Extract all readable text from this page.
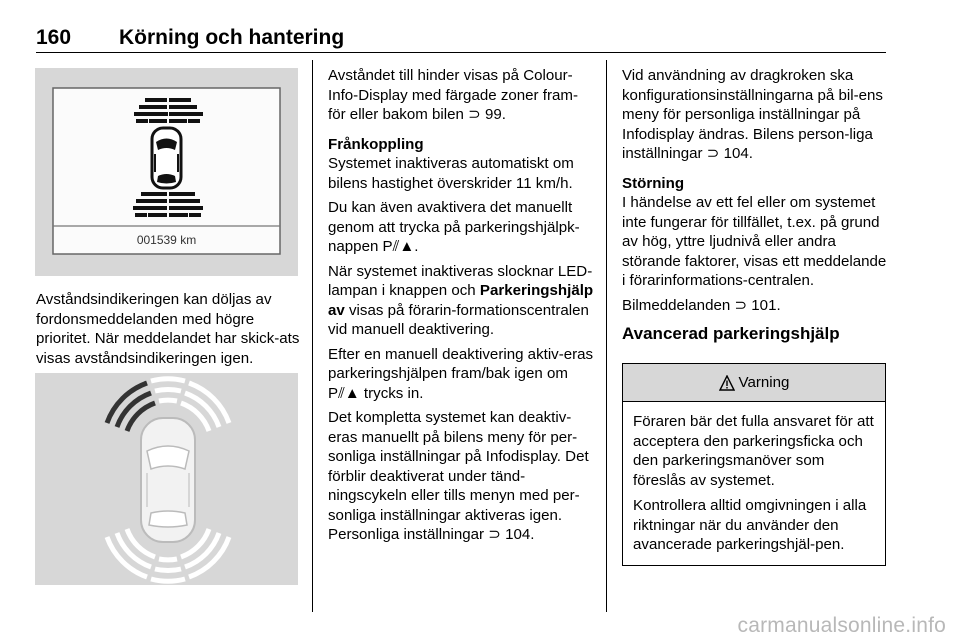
160 Körning och hantering
001539 km

Avståndsindikeringen kan döljas av fordonsmeddelanden med högre prioritet. När meddelandet har skick-ats visas avståndsindikeringen igen.

Avståndet till hinder visas på Colour-Info-Display med färgade zoner fram-för eller bakom bilen ⊃ 99.

Frånkoppling

Systemet inaktiveras automatiskt om bilens hastighet överskrider 11 km/h.

Du kan även avaktivera det manuellt genom att trycka på parkeringshjälpk-nappen P⫽▲.

När systemet inaktiveras slocknar LED-lampan i knappen och Parkeringshjälp av visas på förarin-formationscentralen vid manuell deaktivering.

Efter en manuell deaktivering aktiv-eras parkeringshjälpen fram/bak igen om P⫽▲ trycks in.

Det kompletta systemet kan deaktiv-eras manuellt på bilens meny för per-sonliga inställningar på Infodisplay. Det förblir deaktiverat under tänd-ningscykeln eller tills menyn med per-sonliga inställningar aktiveras igen. Personliga inställningar ⊃ 104.

Vid användning av dragkroken ska konfigurationsinställningarna på bil-ens meny för personliga inställningar på Infodisplay ändras. Bilens person-liga inställningar ⊃ 104.

Störning

I händelse av ett fel eller om systemet inte fungerar för tillfället, t.ex. på grund av hög, yttre ljudnivå eller andra störande faktorer, visas ett meddelande i förarinformations-centralen.

Bilmeddelanden ⊃ 101.

Avancerad parkeringshjälp
Varning

Föraren bär det fulla ansvaret för att acceptera den parkeringsficka och den parkeringsmanöver som föreslås av systemet.

Kontrollera alltid omgivningen i alla riktningar när du använder den avancerade parkeringshjäl-pen.

carmanualsonline.info
